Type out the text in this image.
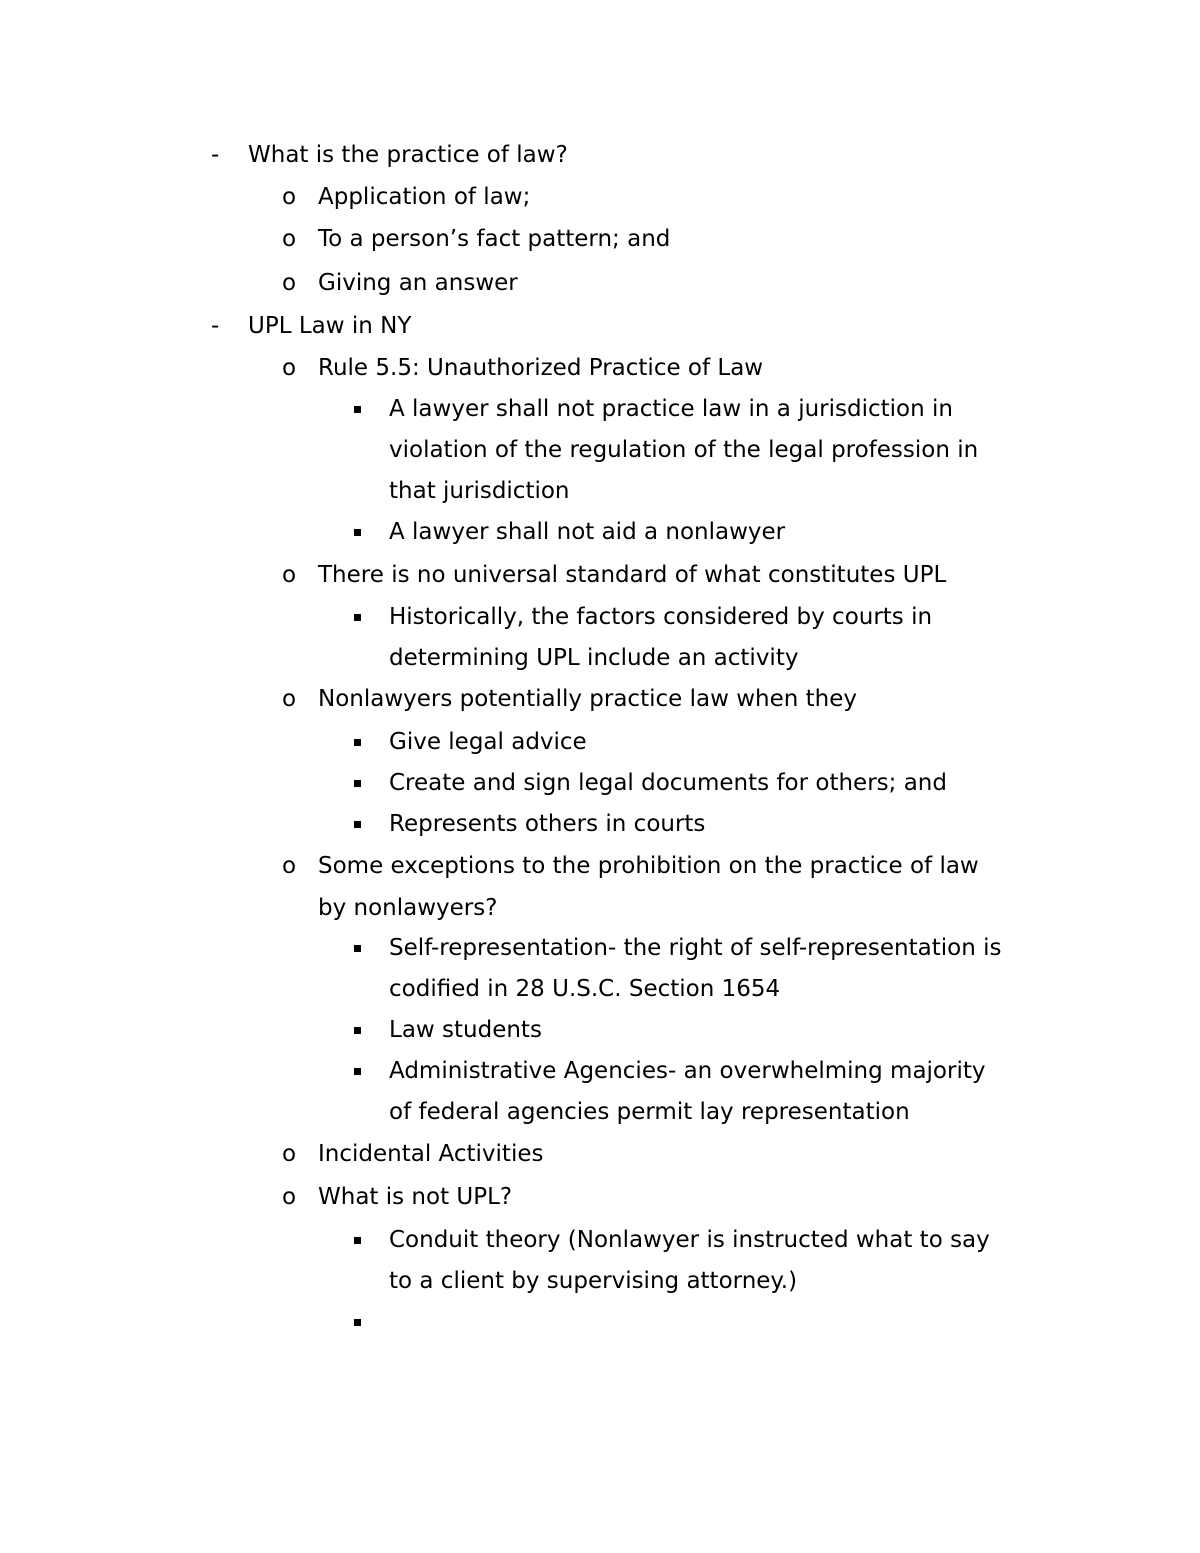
- What is the practice of law?
o Application of law;
o To a person’s fact pattern; and
o Giving an answer
- UPL Law in NY
o Rule 5.5: Unauthorized Practice of Law
A lawyer shall not practice law in a jurisdiction in
violation of the regulation of the legal profession in
that jurisdiction
A lawyer shall not aid a nonlawyer
o There is no universal standard of what constitutes UPL
Historically, the factors considered by courts in
determining UPL include an activity
o Nonlawyers potentially practice law when they
Give legal advice
Create and sign legal documents for others; and
Represents others in courts
o Some exceptions to the prohibition on the practice of law
by nonlawyers?
Self-representation- the right of self-representation is
codified in 28 U.S.C. Section 1654
Law students
Administrative Agencies- an overwhelming majority
of federal agencies permit lay representation
o Incidental Activities
o What is not UPL?
Conduit theory (Nonlawyer is instructed what to say
to a client by supervising attorney.)
